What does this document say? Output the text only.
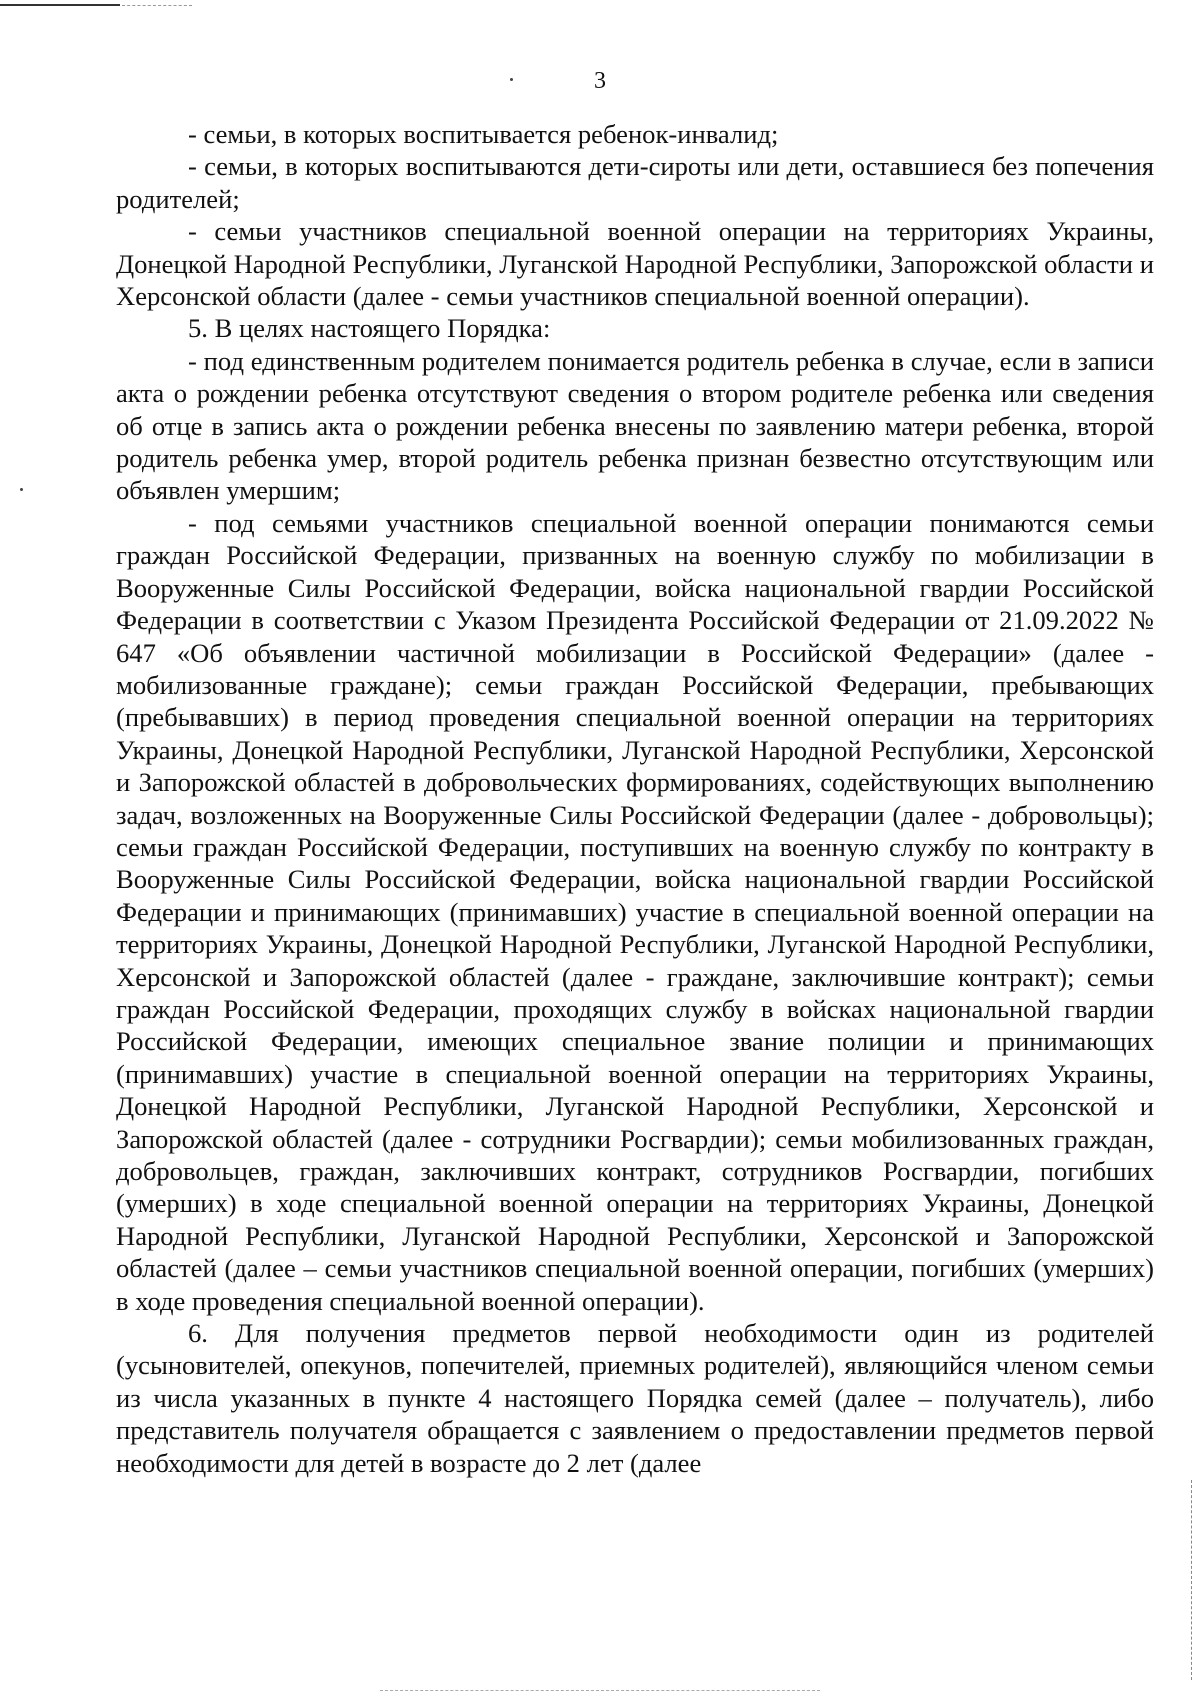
3

- семьи, в которых воспитывается ребенок-инвалид;

- семьи, в которых воспитываются дети-сироты или дети, оставшиеся без попечения родителей;

- семьи участников специальной военной операции на территориях Украины, Донецкой Народной Республики, Луганской Народной Республики, Запорожской области и Херсонской области (далее - семьи участников специальной военной операции).

5. В целях настоящего Порядка:

- под единственным родителем понимается родитель ребенка в случае, если в записи акта о рождении ребенка отсутствуют сведения о втором родителе ребенка или сведения об отце в запись акта о рождении ребенка внесены по заявлению матери ребенка, второй родитель ребенка умер, второй родитель ребенка признан безвестно отсутствующим или объявлен умершим;

- под семьями участников специальной военной операции понимаются семьи граждан Российской Федерации, призванных на военную службу по мобилизации в Вооруженные Силы Российской Федерации, войска национальной гвардии Российской Федерации в соответствии с Указом Президента Российской Федерации от 21.09.2022 № 647 «Об объявлении частичной мобилизации в Российской Федерации» (далее - мобилизованные граждане); семьи граждан Российской Федерации, пребывающих (пребывавших) в период проведения специальной военной операции на территориях Украины, Донецкой Народной Республики, Луганской Народной Республики, Херсонской и Запорожской областей в добровольческих формированиях, содействующих выполнению задач, возложенных на Вооруженные Силы Российской Федерации (далее - добровольцы); семьи граждан Российской Федерации, поступивших на военную службу по контракту в Вооруженные Силы Российской Федерации, войска национальной гвардии Российской Федерации и принимающих (принимавших) участие в специальной военной операции на территориях Украины, Донецкой Народной Республики, Луганской Народной Республики, Херсонской и Запорожской областей (далее - граждане, заключившие контракт); семьи граждан Российской Федерации, проходящих службу в войсках национальной гвардии Российской Федерации, имеющих специальное звание полиции и принимающих (принимавших) участие в специальной военной операции на территориях Украины, Донецкой Народной Республики, Луганской Народной Республики, Херсонской и Запорожской областей (далее - сотрудники Росгвардии); семьи мобилизованных граждан, добровольцев, граждан, заключивших контракт, сотрудников Росгвардии, погибших (умерших) в ходе специальной военной операции на территориях Украины, Донецкой Народной Республики, Луганской Народной Республики, Херсонской и Запорожской областей (далее – семьи участников специальной военной операции, погибших (умерших) в ходе проведения специальной военной операции).

6. Для получения предметов первой необходимости один из родителей (усыновителей, опекунов, попечителей, приемных родителей), являющийся членом семьи из числа указанных в пункте 4 настоящего Порядка семей (далее – получатель), либо представитель получателя обращается с заявлением о предоставлении предметов первой необходимости для детей в возрасте до 2 лет (далее
